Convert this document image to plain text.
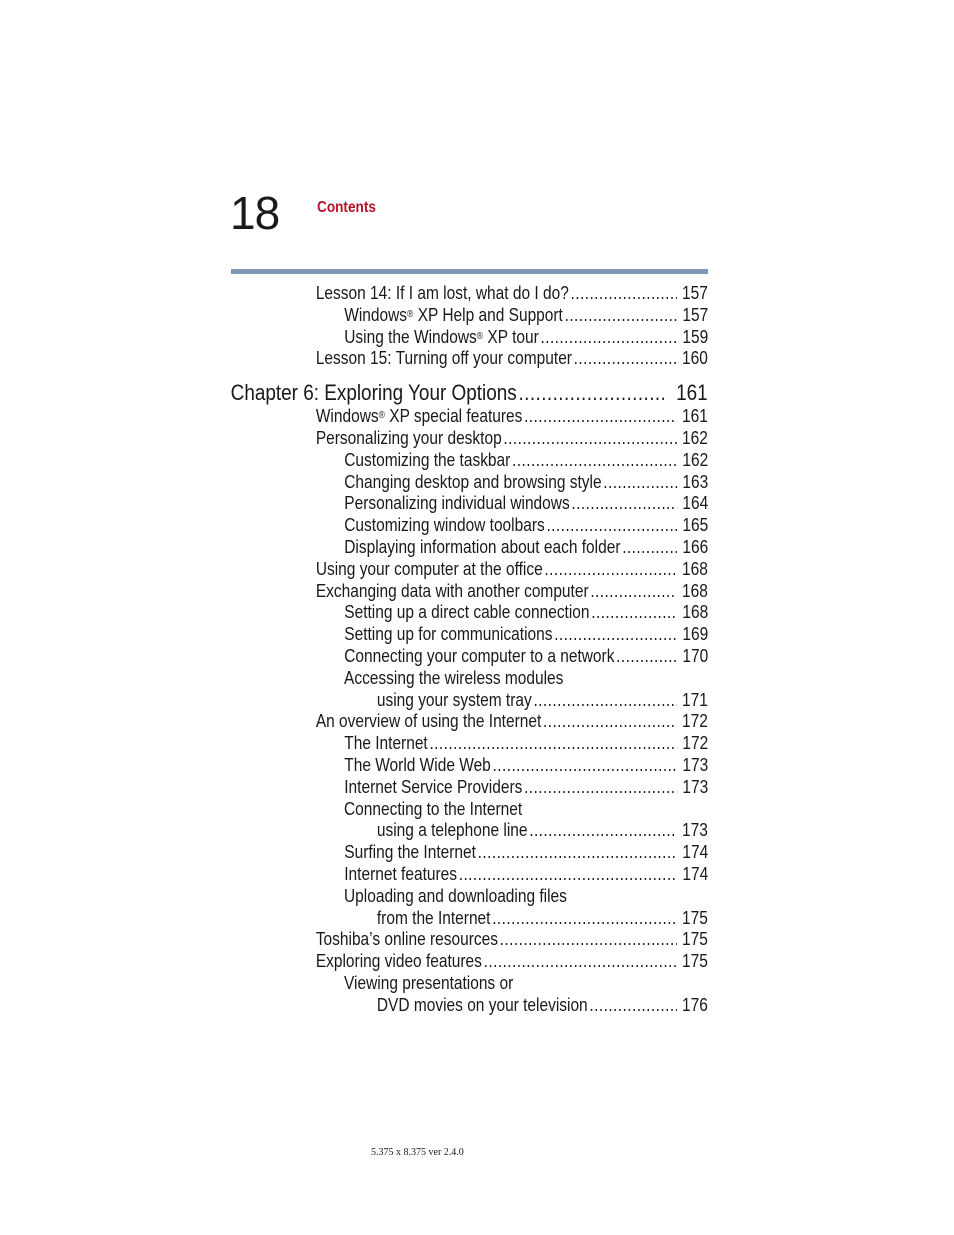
18 Contents
Lesson 14: If I am lost, what do I do? .....	157
Windows® XP Help and Support .....	157
Using the Windows® XP tour .....	159
Lesson 15: Turning off your computer .....	160
Chapter 6: Exploring Your Options .....	161
Windows® XP special features .....	161
Personalizing your desktop .....	162
Customizing the taskbar .....	162
Changing desktop and browsing style .....	163
Personalizing individual windows .....	164
Customizing window toolbars .....	165
Displaying information about each folder .....	166
Using your computer at the office .....	168
Exchanging data with another computer .....	168
Setting up a direct cable connection .....	168
Setting up for communications .....	169
Connecting your computer to a network .....	170
Accessing the wireless modules
using your system tray .....	171
An overview of using the Internet .....	172
The Internet .....	172
The World Wide Web .....	173
Internet Service Providers .....	173
Connecting to the Internet
using a telephone line .....	173
Surfing the Internet .....	174
Internet features .....	174
Uploading and downloading files
from the Internet .....	175
Toshiba’s online resources .....	175
Exploring video features .....	175
Viewing presentations or
DVD movies on your television .....	176
5.375 x 8.375 ver 2.4.0
